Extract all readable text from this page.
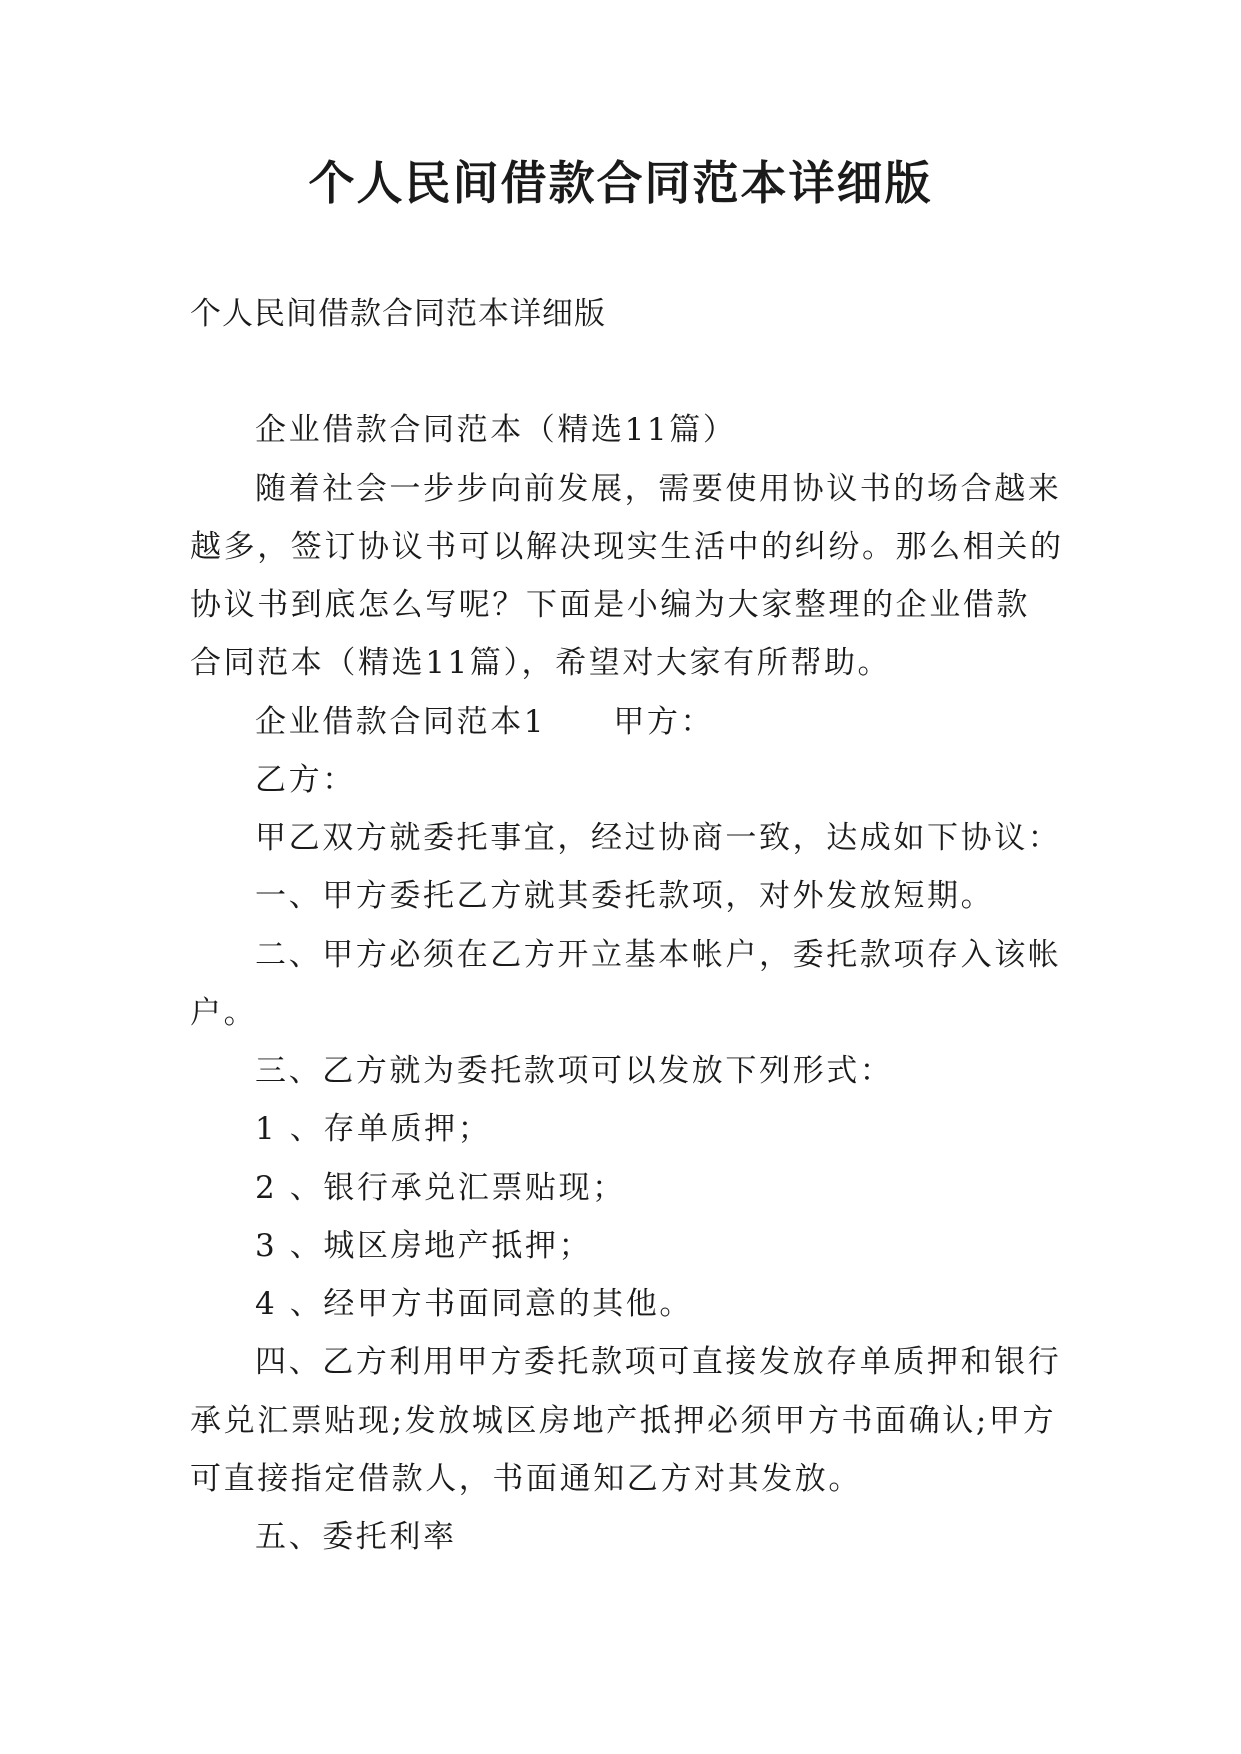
个人民间借款合同范本详细版
个人民间借款合同范本详细版
企业借款合同范本（精选11篇）
随着社会一步步向前发展，需要使用协议书的场合越来
越多，签订协议书可以解决现实生活中的纠纷。那么相关的
协议书到底怎么写呢？下面是小编为大家整理的企业借款
合同范本（精选11篇），希望对大家有所帮助。
企业借款合同范本1　　甲方：
乙方：
甲乙双方就委托事宜，经过协商一致，达成如下协议：
一、甲方委托乙方就其委托款项，对外发放短期。
二、甲方必须在乙方开立基本帐户，委托款项存入该帐
户。
三、乙方就为委托款项可以发放下列形式：
1 、存单质押；
2 、银行承兑汇票贴现；
3 、城区房地产抵押；
4 、经甲方书面同意的其他。
四、乙方利用甲方委托款项可直接发放存单质押和银行
承兑汇票贴现;发放城区房地产抵押必须甲方书面确认;甲方
可直接指定借款人，书面通知乙方对其发放。
五、委托利率
